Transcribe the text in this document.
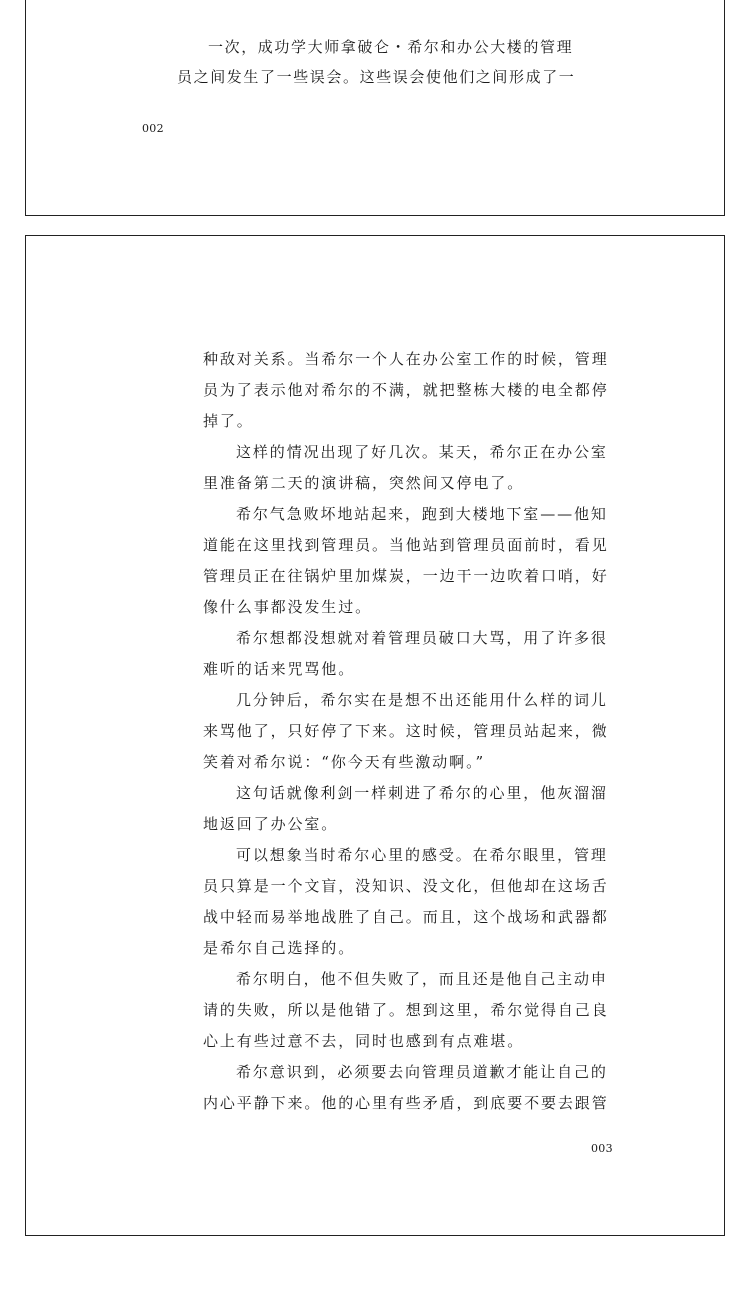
一次，成功学大师拿破仑・希尔和办公大楼的管理
员之间发生了一些误会。这些误会使他们之间形成了一
002
种敌对关系。当希尔一个人在办公室工作的时候，管理
员为了表示他对希尔的不满，就把整栋大楼的电全都停
掉了。
这样的情况出现了好几次。某天，希尔正在办公室
里准备第二天的演讲稿，突然间又停电了。
希尔气急败坏地站起来，跑到大楼地下室——他知
道能在这里找到管理员。当他站到管理员面前时，看见
管理员正在往锅炉里加煤炭，一边干一边吹着口哨，好
像什么事都没发生过。
希尔想都没想就对着管理员破口大骂，用了许多很
难听的话来咒骂他。
几分钟后，希尔实在是想不出还能用什么样的词儿
来骂他了，只好停了下来。这时候，管理员站起来，微
笑着对希尔说：“你今天有些激动啊。”
这句话就像利剑一样刺进了希尔的心里，他灰溜溜
地返回了办公室。
可以想象当时希尔心里的感受。在希尔眼里，管理
员只算是一个文盲，没知识、没文化，但他却在这场舌
战中轻而易举地战胜了自己。而且，这个战场和武器都
是希尔自己选择的。
希尔明白，他不但失败了，而且还是他自己主动申
请的失败，所以是他错了。想到这里，希尔觉得自己良
心上有些过意不去，同时也感到有点难堪。
希尔意识到，必须要去向管理员道歉才能让自己的
内心平静下来。他的心里有些矛盾，到底要不要去跟管
003
